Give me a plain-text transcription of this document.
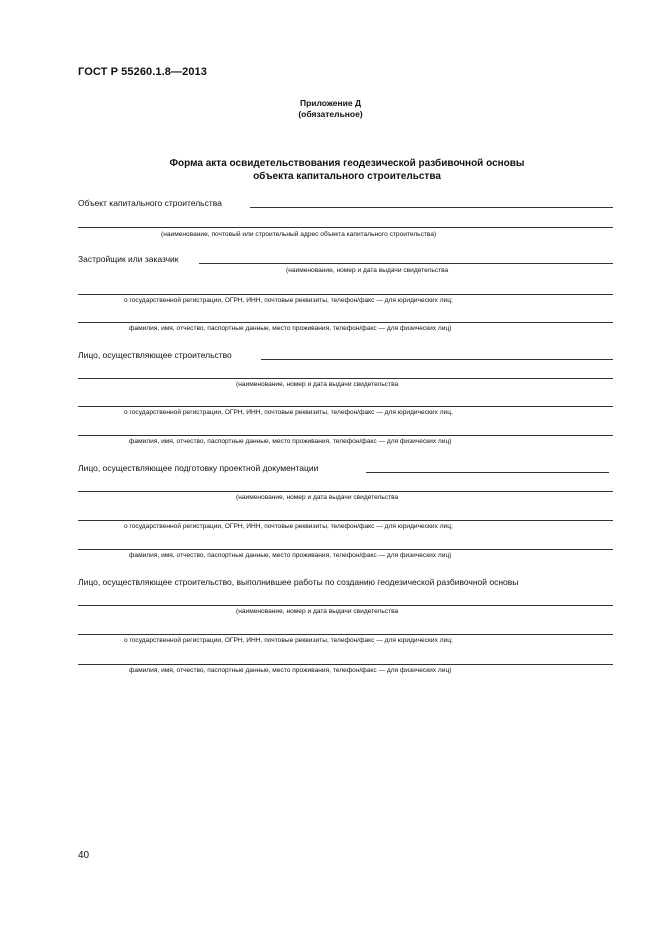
ГОСТ Р 55260.1.8—2013
Приложение Д
(обязательное)
Форма акта освидетельствования геодезической разбивочной основы
объекта капитального строительства
Объект капитального строительства
(наименование, почтовый или строительный адрес объекта капитального строительства)
Застройщик или заказчик
(наименование, номер и дата выдачи свидетельства
о государственной регистрации, ОГРН, ИНН, почтовые реквизиты, телефон/факс — для юридических лиц;
фамилия, имя, отчество, паспортные данные, место проживания, телефон/факс — для физических лиц)
Лицо, осуществляющее строительство
(наименование, номер и дата выдачи свидетельства
о государственной регистрации, ОГРН, ИНН, почтовые реквизиты, телефон/факс — для юридических лиц,
фамилия, имя, отчество, паспортные данные, место проживания, телефон/факс — для физических лиц)
Лицо, осуществляющее подготовку проектной документации
(наименование, номер и дата выдачи свидетельства
о государственной регистрации, ОГРН, ИНН, почтовые реквизиты, телефон/факс — для юридических лиц;
фамилия, имя, отчество, паспортные данные, место проживания, телефон/факс — для физических лиц)
Лицо, осуществляющее строительство, выполнившее работы по созданию геодезической разбивочной основы
(наименование, номер и дата выдачи свидетельства
о государственной регистрации, ОГРН, ИНН, почтовые реквизиты, телефон/факс — для юридических лиц;
фамилия, имя, отчество, паспортные данные, место проживания, телефон/факс — для физических лиц)
40
